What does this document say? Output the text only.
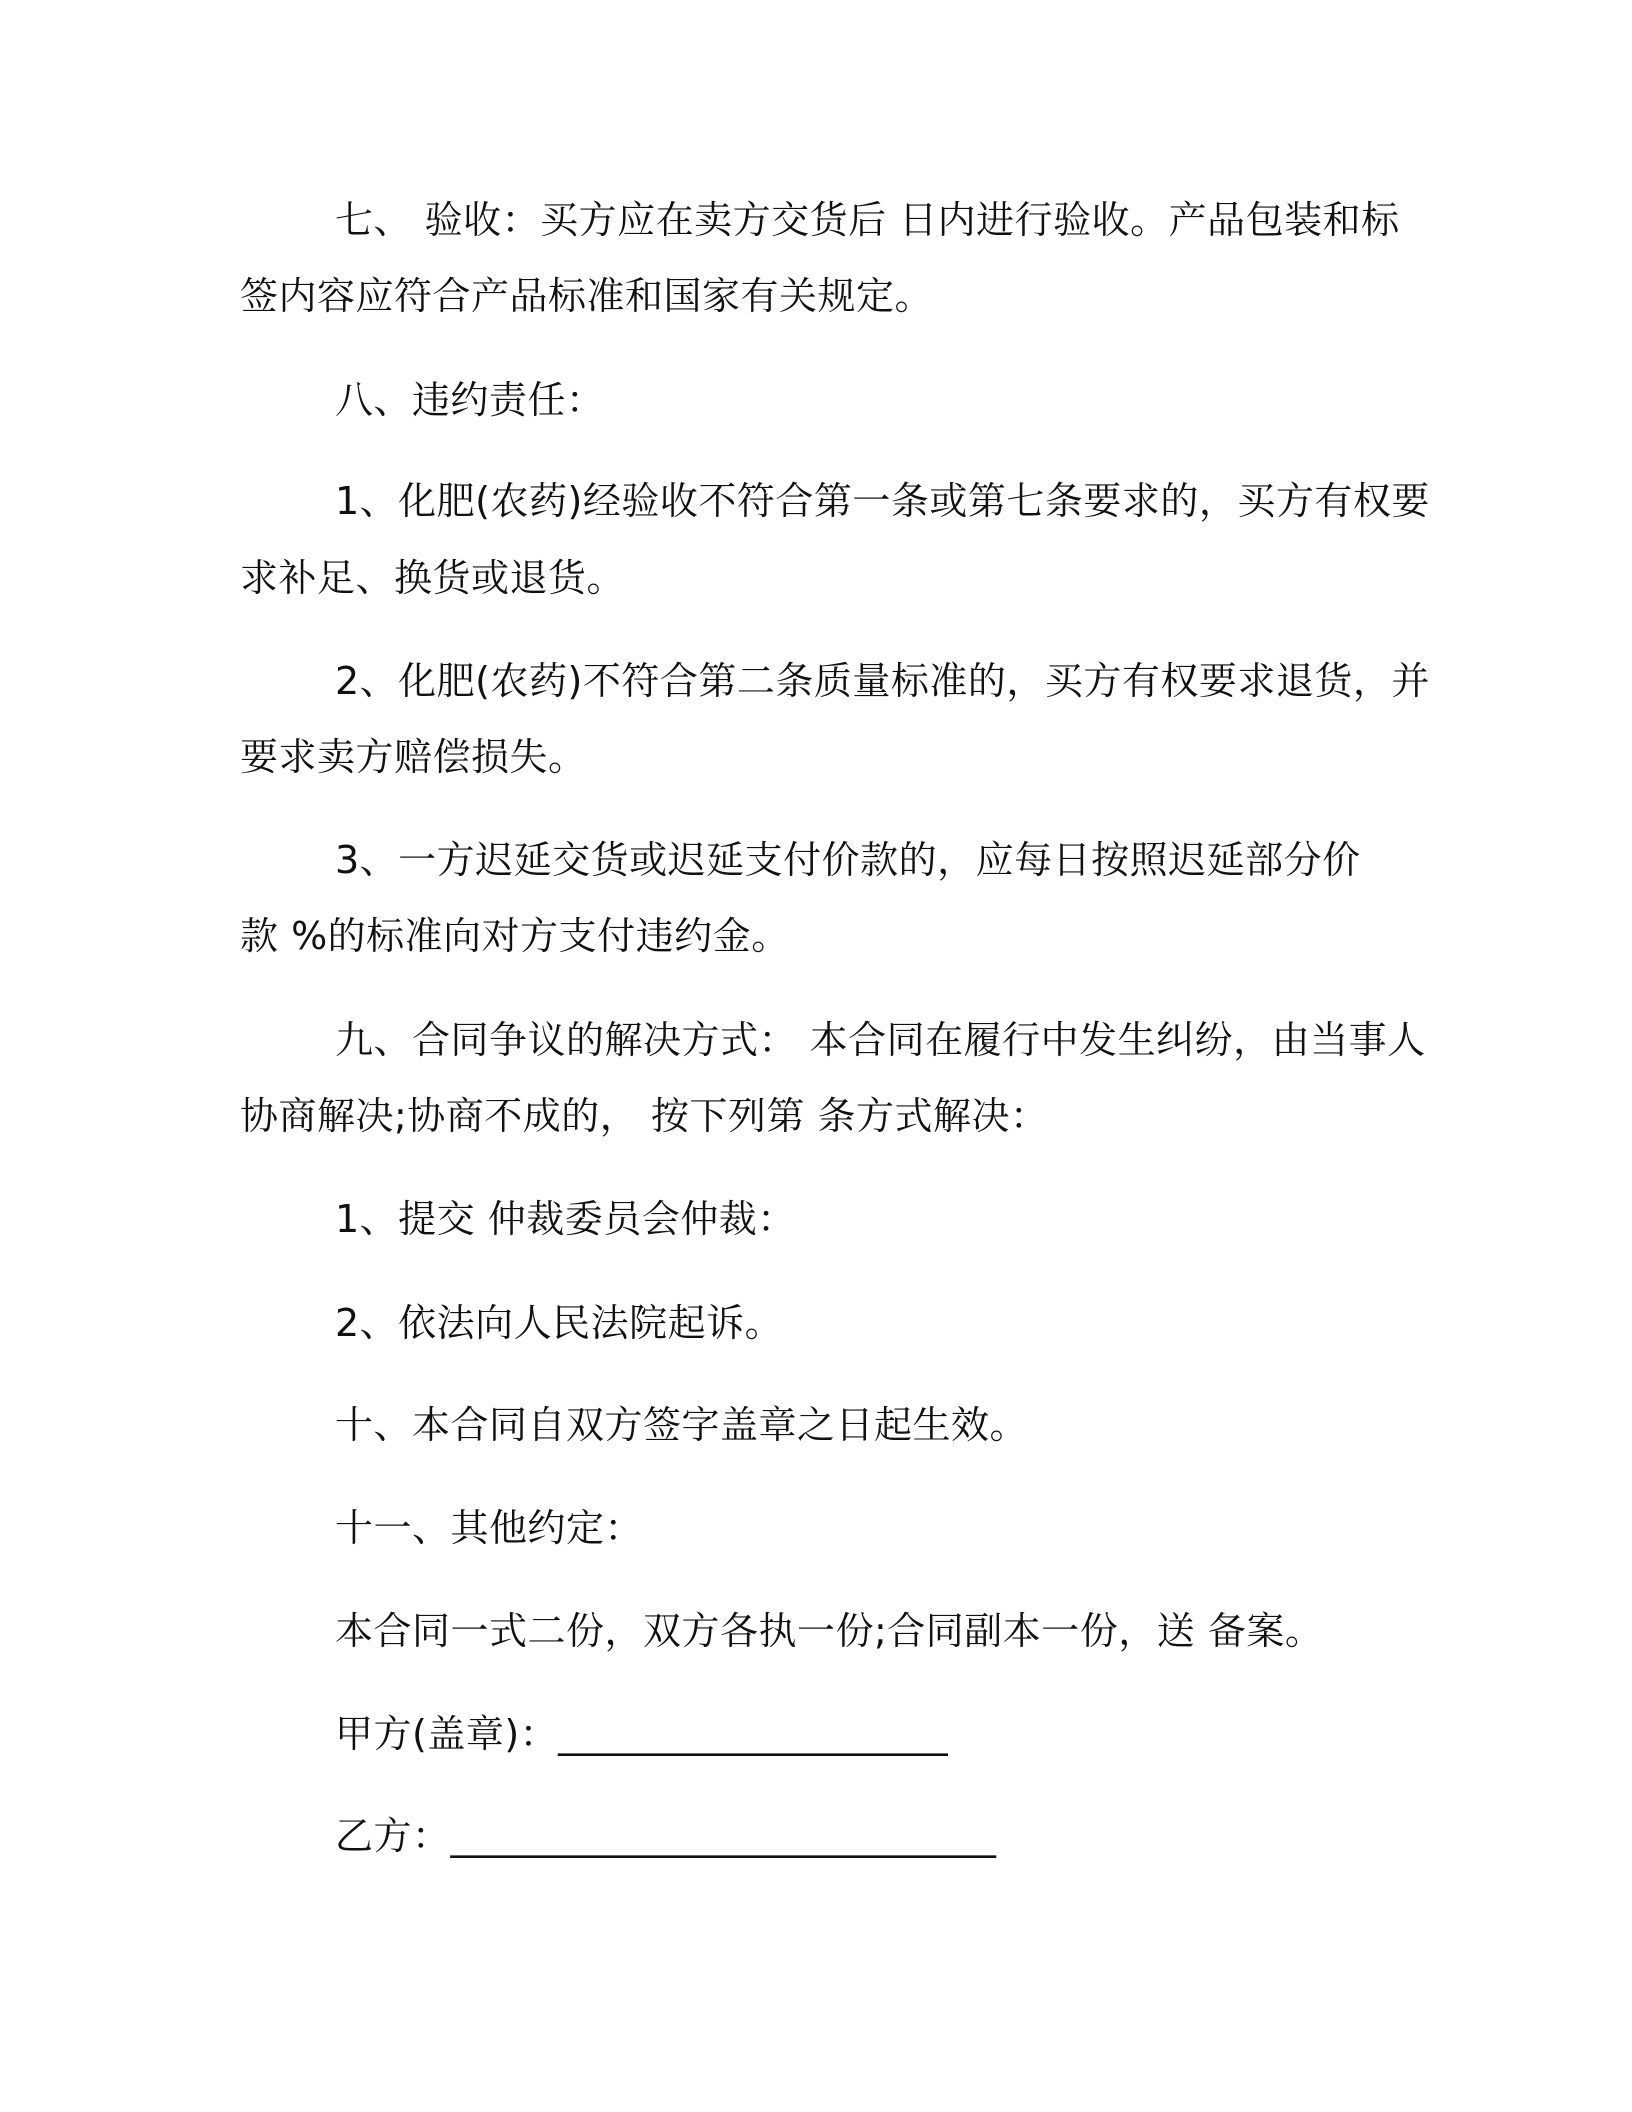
七、 验收：买方应在卖方交货后 日内进行验收。产品包装和标
签内容应符合产品标准和国家有关规定。
八、违约责任：
1、化肥(农药)经验收不符合第一条或第七条要求的，买方有权要
求补足、换货或退货。
2、化肥(农药)不符合第二条质量标准的，买方有权要求退货，并
要求卖方赔偿损失。
3、一方迟延交货或迟延支付价款的，应每日按照迟延部分价
款 %的标准向对方支付违约金。
九、合同争议的解决方式： 本合同在履行中发生纠纷，由当事人
协商解决;协商不成的， 按下列第 条方式解决：
1、提交 仲裁委员会仲裁：
2、依法向人民法院起诉。
十、本合同自双方签字盖章之日起生效。
十一、其他约定：
本合同一式二份，双方各执一份;合同副本一份，送 备案。
甲方(盖章)：____________________
乙方：____________________________
